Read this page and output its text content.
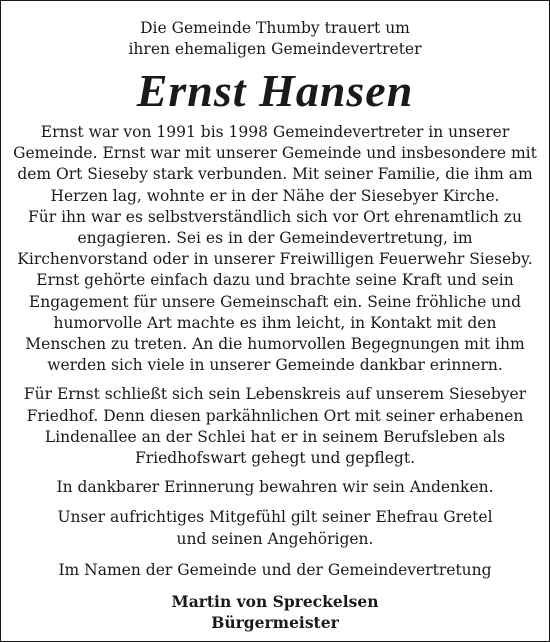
Die Gemeinde Thumby trauert um
ihren ehemaligen Gemeindevertreter
Ernst Hansen
Ernst war von 1991 bis 1998 Gemeindevertreter in unserer
Gemeinde. Ernst war mit unserer Gemeinde und insbesondere mit
dem Ort Sieseby stark verbunden. Mit seiner Familie, die ihm am
Herzen lag, wohnte er in der Nähe der Siesebyer Kirche.
Für ihn war es selbstverständlich sich vor Ort ehrenamtlich zu
engagieren. Sei es in der Gemeindevertretung, im
Kirchenvorstand oder in unserer Freiwilligen Feuerwehr Sieseby.
Ernst gehörte einfach dazu und brachte seine Kraft und sein
Engagement für unsere Gemeinschaft ein. Seine fröhliche und
humorvolle Art machte es ihm leicht, in Kontakt mit den
Menschen zu treten. An die humorvollen Begegnungen mit ihm
werden sich viele in unserer Gemeinde dankbar erinnern.
Für Ernst schließt sich sein Lebenskreis auf unserem Siesebyer
Friedhof. Denn diesen parkähnlichen Ort mit seiner erhabenen
Lindenallee an der Schlei hat er in seinem Berufsleben als
Friedhofswart gehegt und gepflegt.
In dankbarer Erinnerung bewahren wir sein Andenken.
Unser aufrichtiges Mitgefühl gilt seiner Ehefrau Gretel
und seinen Angehörigen.
Im Namen der Gemeinde und der Gemeindevertretung
Martin von Spreckelsen
Bürgermeister
